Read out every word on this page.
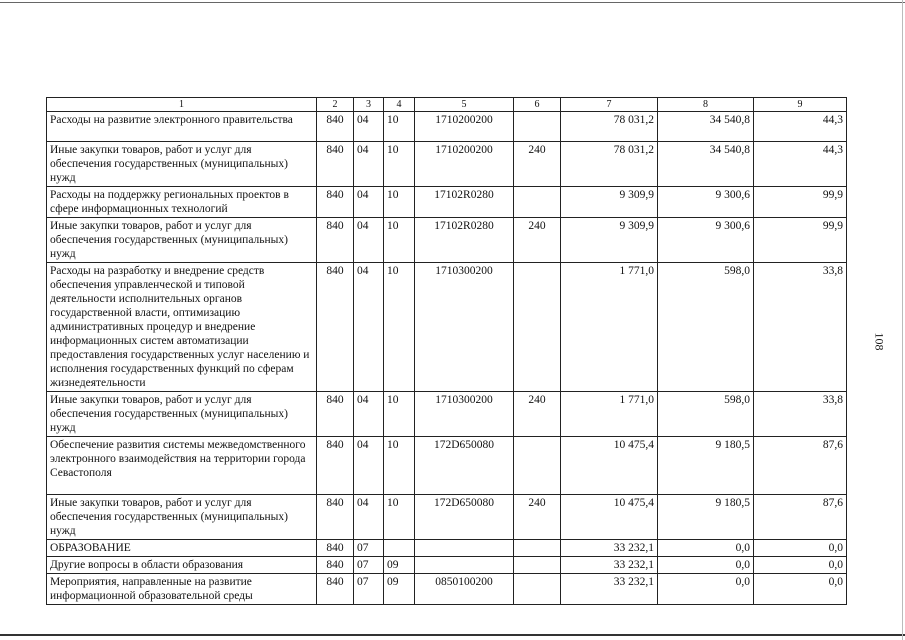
108
1	2	3	4	5	6	7	8	9
Расходы на развитие электронного правительства	840	04	10	1710200200		78 031,2	34 540,8	44,3
Иные закупки товаров, работ и услуг для обеспечения государственных (муниципальных) нужд	840	04	10	1710200200	240	78 031,2	34 540,8	44,3
Расходы на поддержку региональных проектов в сфере информационных технологий	840	04	10	17102R0280		9 309,9	9 300,6	99,9
Иные закупки товаров, работ и услуг для обеспечения государственных (муниципальных) нужд	840	04	10	17102R0280	240	9 309,9	9 300,6	99,9
Расходы на разработку и внедрение средств обеспечения управленческой и типовой деятельности исполнительных органов государственной власти, оптимизацию административных процедур и внедрение информационных систем автоматизации предоставления государственных услуг населению и исполнения государственных функций по сферам жизнедеятельности	840	04	10	1710300200		1 771,0	598,0	33,8
Иные закупки товаров, работ и услуг для обеспечения государственных (муниципальных) нужд	840	04	10	1710300200	240	1 771,0	598,0	33,8
Обеспечение развития системы межведомственного электронного взаимодействия на территории города Севастополя	840	04	10	172D650080		10 475,4	9 180,5	87,6
Иные закупки товаров, работ и услуг для обеспечения государственных (муниципальных) нужд	840	04	10	172D650080	240	10 475,4	9 180,5	87,6
ОБРАЗОВАНИЕ	840	07				33 232,1	0,0	0,0
Другие вопросы в области образования	840	07	09			33 232,1	0,0	0,0
Мероприятия, направленные на развитие информационной образовательной среды	840	07	09	0850100200		33 232,1	0,0	0,0
